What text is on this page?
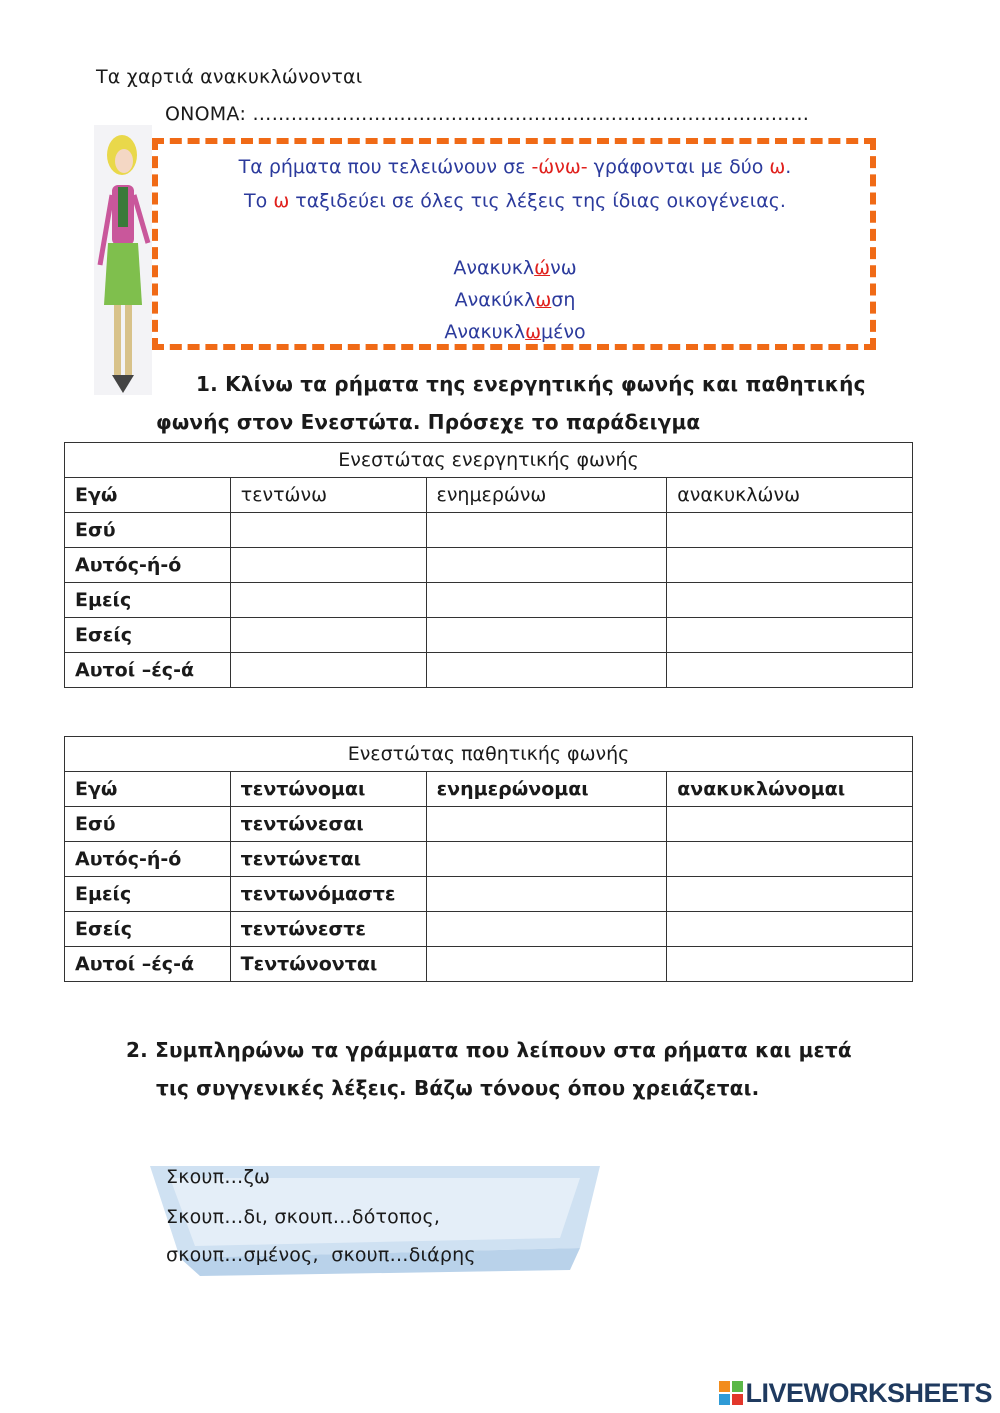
Τα χαρτιά ανακυκλώνονται
ΟΝΟΜΑ: ……………………………………………………………………………
Τα ρήματα που τελειώνουν σε -ώνω- γράφονται με δύο ω.
Το ω ταξιδεύει σε όλες τις λέξεις της ίδιας οικογένειας.
Ανακυκλώνω
Ανακύκλωση
Ανακυκλωμένο
1. Κλίνω τα ρήματα της ενεργητικής φωνής και παθητικής
φωνής στον Ενεστώτα. Πρόσεχε το παράδειγμα
Ενεστώτας ενεργητικής φωνής			
Εγώ	τεντώνω	ενημερώνω	ανακυκλώνω
Εσύ			
Αυτός-ή-ό			
Εμείς			
Εσείς			
Αυτοί –ές-ά			
Ενεστώτας παθητικής φωνής			
Εγώ	τεντώνομαι	ενημερώνομαι	ανακυκλώνομαι
Εσύ	τεντώνεσαι		
Αυτός-ή-ό	τεντώνεται		
Εμείς	τεντωνόμαστε		
Εσείς	τεντώνεστε		
Αυτοί –ές-ά	Τεντώνονται		
2. Συμπληρώνω τα γράμματα που λείπουν στα ρήματα και μετά
τις συγγενικές λέξεις. Βάζω τόνους όπου χρειάζεται.
Σκουπ…ζω
Σκουπ…δι, σκουπ…δότοπος,
σκουπ…σμένος,  σκουπ…διάρης
LIVEWORKSHEETS
